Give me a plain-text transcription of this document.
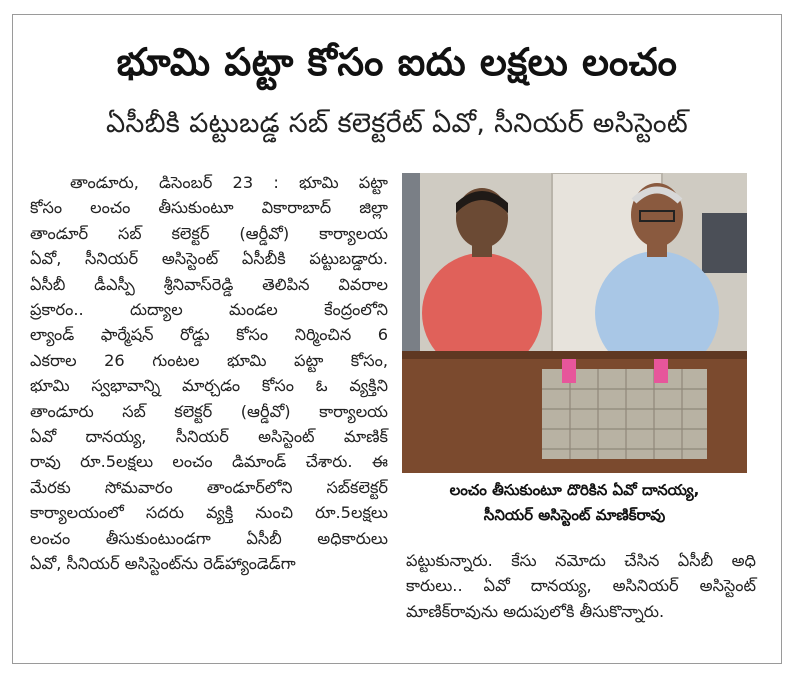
భూమి పట్టా కోసం ఐదు లక్షలు లంచం
ఏసీబీకి పట్టుబడ్డ సబ్ కలెక్టరేట్ ఏవో, సీనియర్ అసిస్టెంట్

తాండూరు, డిసెంబర్ 23 : భూమి పట్టా

కోసం లంచం తీసుకుంటూ వికారాబాద్ జిల్లా

తాండూర్ సబ్ కలెక్టర్ (ఆర్డీవో) కార్యాలయ

ఏవో, సీనియర్ అసిస్టెంట్ ఏసీబీకి పట్టుబడ్డారు.

ఏసీబీ డీఎస్పీ శ్రీనివాస్‌రెడ్డి తెలిపిన వివరాల

ప్రకారం.. దుద్యాల మండల కేంద్రంలోని

ల్యాండ్ ఫార్మేషన్ రోడ్డు కోసం నిర్మించిన 6

ఎకరాల 26 గుంటల భూమి పట్టా కోసం,

భూమి స్వభావాన్ని మార్చడం కోసం ఓ వ్యక్తిని

తాండూరు సబ్ కలెక్టర్ (ఆర్డీవో) కార్యాలయ

ఏవో దానయ్య, సీనియర్ అసిస్టెంట్ మాణిక్

రావు రూ.5లక్షలు లంచం డిమాండ్ చేశారు. ఈ

మేరకు సోమవారం తాండూర్‌లోని సబ్‌కలెక్టర్

కార్యాలయంలో సదరు వ్యక్తి నుంచి రూ.5లక్షలు

లంచం తీసుకుంటుండగా ఏసీబీ అధికారులు

ఏవో, సీనియర్ అసిస్టెంట్‌ను రెడ్‌హ్యాండెడ్‌గా

లంచం తీసుకుంటూ దొరికిన ఏవో దానయ్య,
సీనియర్ అసిస్టెంట్ మాణిక్‌రావు

పట్టుకున్నారు. కేసు నమోదు చేసిన ఏసీబీ అధి

కారులు.. ఏవో దానయ్య, అసినియర్ అసిస్టెంట్

మాణిక్‌రావును అదుపులోకి తీసుకొన్నారు.
